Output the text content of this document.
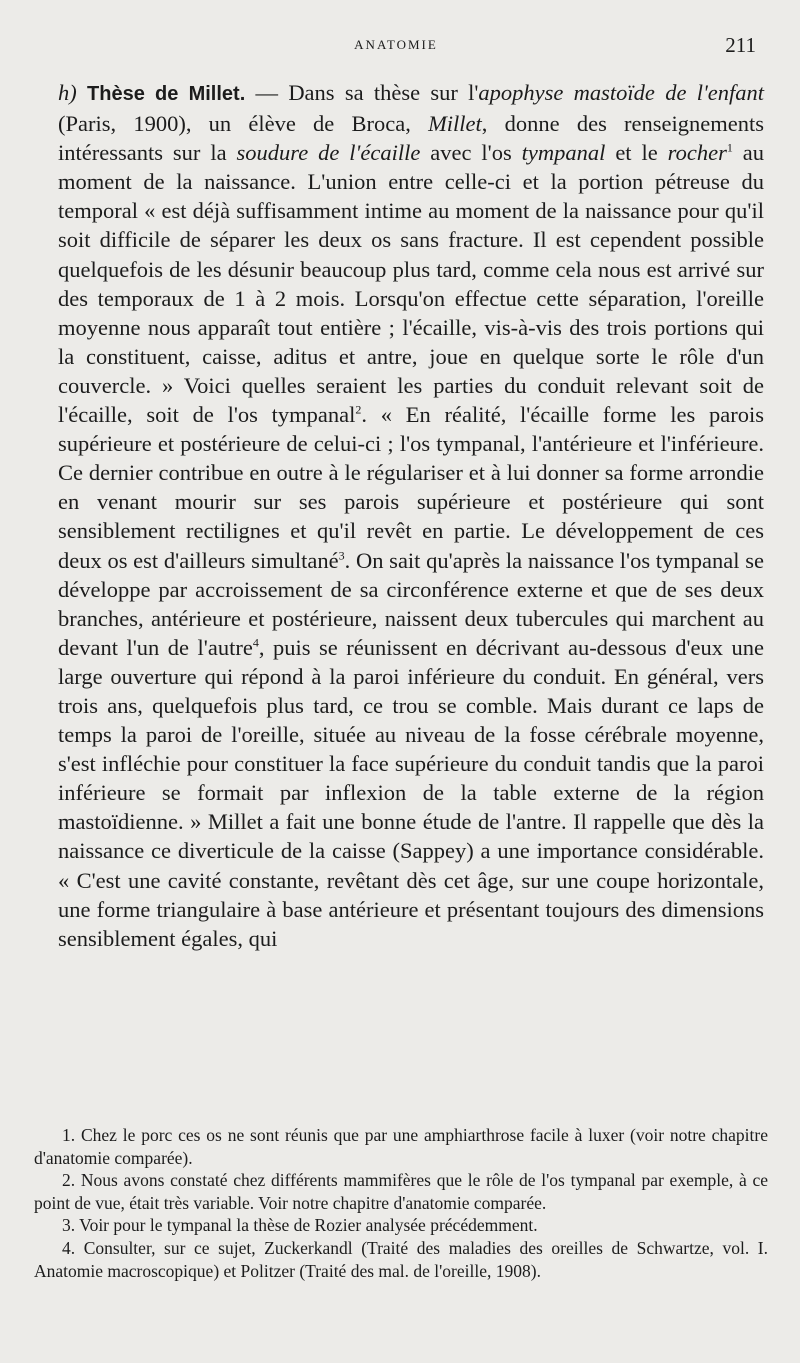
ANATOMIE	211

h) Thèse de Millet. — Dans sa thèse sur l'apophyse mastoïde de l'enfant (Paris, 1900), un élève de Broca, Millet, donne des renseignements intéressants sur la soudure de l'écaille avec l'os tympanal et le rocher$^1$ au moment de la naissance. L'union entre celle-ci et la portion pétreuse du temporal « est déjà suffisamment intime au moment de la naissance pour qu'il soit difficile de séparer les deux os sans fracture. Il est cependent possible quelquefois de les désunir beaucoup plus tard, comme cela nous est arrivé sur des temporaux de 1 à 2 mois. Lorsqu'on effectue cette séparation, l'oreille moyenne nous apparaît tout entière ; l'écaille, vis-à-vis des trois portions qui la constituent, caisse, aditus et antre, joue en quelque sorte le rôle d'un couvercle. » Voici quelles seraient les parties du conduit relevant soit de l'écaille, soit de l'os tympanal$^2$. « En réalité, l'écaille forme les parois supérieure et postérieure de celui-ci ; l'os tympanal, l'antérieure et l'inférieure. Ce dernier contribue en outre à le régulariser et à lui donner sa forme arrondie en venant mourir sur ses parois supérieure et postérieure qui sont sensiblement rectilignes et qu'il revêt en partie. Le développement de ces deux os est d'ailleurs simultané$^3$. On sait qu'après la naissance l'os tympanal se développe par accroissement de sa circonférence externe et que de ses deux branches, antérieure et postérieure, naissent deux tubercules qui marchent au devant l'un de l'autre$^4$, puis se réunissent en décrivant au-dessous d'eux une large ouverture qui répond à la paroi inférieure du conduit. En général, vers trois ans, quelquefois plus tard, ce trou se comble. Mais durant ce laps de temps la paroi de l'oreille, située au niveau de la fosse cérébrale moyenne, s'est infléchie pour constituer la face supérieure du conduit tandis que la paroi inférieure se formait par inflexion de la table externe de la région mastoïdienne. » Millet a fait une bonne étude de l'antre. Il rappelle que dès la naissance ce diverticule de la caisse (Sappey) a une importance considérable. « C'est une cavité constante, revêtant dès cet âge, sur une coupe horizontale, une forme triangulaire à base antérieure et présentant toujours des dimensions sensiblement égales, qui

1. Chez le porc ces os ne sont réunis que par une amphiarthrose facile à luxer (voir notre chapitre d'anatomie comparée).

2. Nous avons constaté chez différents mammifères que le rôle de l'os tympanal par exemple, à ce point de vue, était très variable. Voir notre chapitre d'anatomie comparée.

3. Voir pour le tympanal la thèse de Rozier analysée précédemment.

4. Consulter, sur ce sujet, Zuckerkandl (Traité des maladies des oreilles de Schwartze, vol. I. Anatomie macroscopique) et Politzer (Traité des mal. de l'oreille, 1908).
